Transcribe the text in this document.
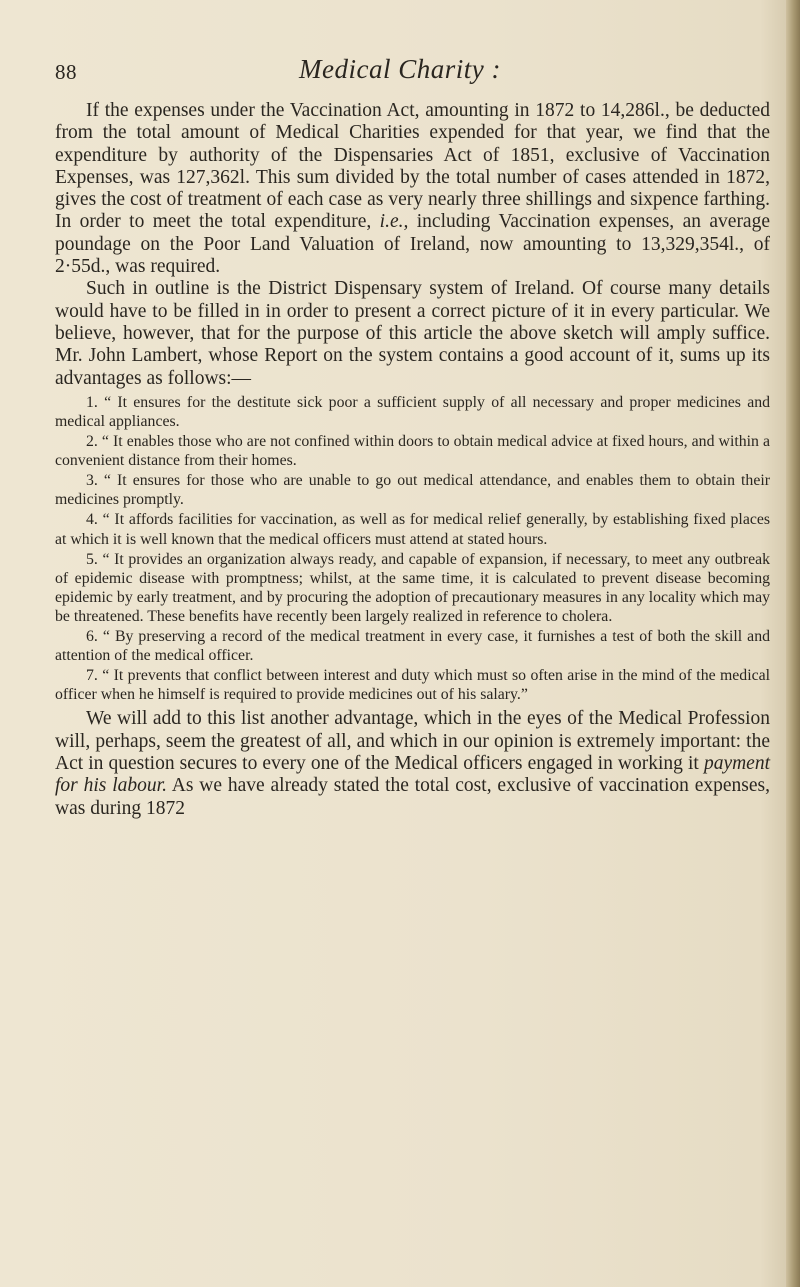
88	Medical Charity :

If the expenses under the Vaccination Act, amounting in 1872 to 14,286l., be deducted from the total amount of Medical Charities expended for that year, we find that the expenditure by authority of the Dispensaries Act of 1851, exclusive of Vaccination Expenses, was 127,362l. This sum divided by the total number of cases attended in 1872, gives the cost of treatment of each case as very nearly three shillings and sixpence farthing. In order to meet the total expenditure, i.e., including Vaccination expenses, an average poundage on the Poor Land Valuation of Ireland, now amounting to 13,329,354l., of 2·55d., was required.

Such in outline is the District Dispensary system of Ireland. Of course many details would have to be filled in in order to present a correct picture of it in every particular. We believe, however, that for the purpose of this article the above sketch will amply suffice. Mr. John Lambert, whose Report on the system contains a good account of it, sums up its advantages as follows:—

1. “ It ensures for the destitute sick poor a sufficient supply of all necessary and proper medicines and medical appliances.

2. “ It enables those who are not confined within doors to obtain medical advice at fixed hours, and within a convenient distance from their homes.

3. “ It ensures for those who are unable to go out medical attendance, and enables them to obtain their medicines promptly.

4. “ It affords facilities for vaccination, as well as for medical relief generally, by establishing fixed places at which it is well known that the medical officers must attend at stated hours.

5. “ It provides an organization always ready, and capable of expansion, if necessary, to meet any outbreak of epidemic disease with promptness; whilst, at the same time, it is calculated to prevent disease becoming epidemic by early treatment, and by procuring the adoption of precautionary measures in any locality which may be threatened. These benefits have recently been largely realized in reference to cholera.

6. “ By preserving a record of the medical treatment in every case, it furnishes a test of both the skill and attention of the medical officer.

7. “ It prevents that conflict between interest and duty which must so often arise in the mind of the medical officer when he himself is required to provide medicines out of his salary.”

We will add to this list another advantage, which in the eyes of the Medical Profession will, perhaps, seem the greatest of all, and which in our opinion is extremely important: the Act in question secures to every one of the Medical officers engaged in working it payment for his labour. As we have already stated the total cost, exclusive of vaccination expenses, was during 1872
